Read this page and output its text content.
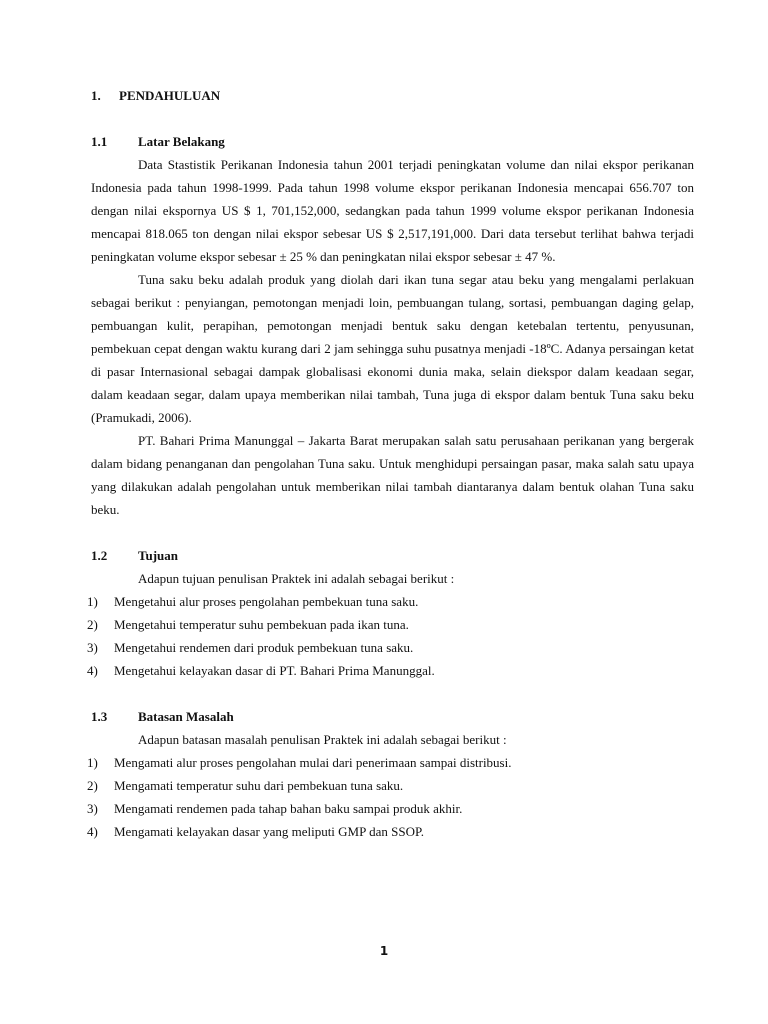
1. PENDAHULUAN
1.1 Latar Belakang

Data Stastistik Perikanan Indonesia tahun 2001 terjadi peningkatan volume dan nilai ekspor perikanan Indonesia pada tahun 1998-1999. Pada tahun 1998 volume ekspor perikanan Indonesia mencapai 656.707 ton dengan nilai ekspornya US $ 1, 701,152,000, sedangkan pada tahun 1999 volume ekspor perikanan Indonesia mencapai 818.065 ton dengan nilai ekspor sebesar US $ 2,517,191,000. Dari data tersebut terlihat bahwa terjadi peningkatan volume ekspor sebesar ± 25 % dan peningkatan nilai ekspor sebesar ± 47 %.

Tuna saku beku adalah produk yang diolah dari ikan tuna segar atau beku yang mengalami perlakuan sebagai berikut : penyiangan, pemotongan menjadi loin, pembuangan tulang, sortasi, pembuangan daging gelap, pembuangan kulit, perapihan, pemotongan menjadi bentuk saku dengan ketebalan tertentu, penyusunan, pembekuan cepat dengan waktu kurang dari 2 jam sehingga suhu pusatnya menjadi -18ºC. Adanya persaingan ketat di pasar Internasional sebagai dampak globalisasi ekonomi dunia maka, selain diekspor dalam keadaan segar, dalam keadaan segar, dalam upaya memberikan nilai tambah, Tuna juga di ekspor dalam bentuk Tuna saku beku (Pramukadi, 2006).

PT. Bahari Prima Manunggal – Jakarta Barat merupakan salah satu perusahaan perikanan yang bergerak dalam bidang penanganan dan pengolahan Tuna saku. Untuk menghidupi persaingan pasar, maka salah satu upaya yang dilakukan adalah pengolahan untuk memberikan nilai tambah diantaranya dalam bentuk olahan Tuna saku beku.

1.2 Tujuan
Adapun tujuan penulisan Praktek ini adalah sebagai berikut :
1) Mengetahui alur proses pengolahan pembekuan tuna saku.
2) Mengetahui temperatur suhu pembekuan pada ikan tuna.
3) Mengetahui rendemen dari produk pembekuan tuna saku.
4) Mengetahui kelayakan dasar di PT. Bahari Prima Manunggal.
1.3 Batasan Masalah
Adapun batasan masalah penulisan Praktek ini adalah sebagai berikut :
1) Mengamati alur proses pengolahan mulai dari penerimaan sampai distribusi.
2) Mengamati temperatur suhu dari pembekuan tuna saku.
3) Mengamati rendemen pada tahap bahan baku sampai produk akhir.
4) Mengamati kelayakan dasar yang meliputi GMP dan SSOP.
1
